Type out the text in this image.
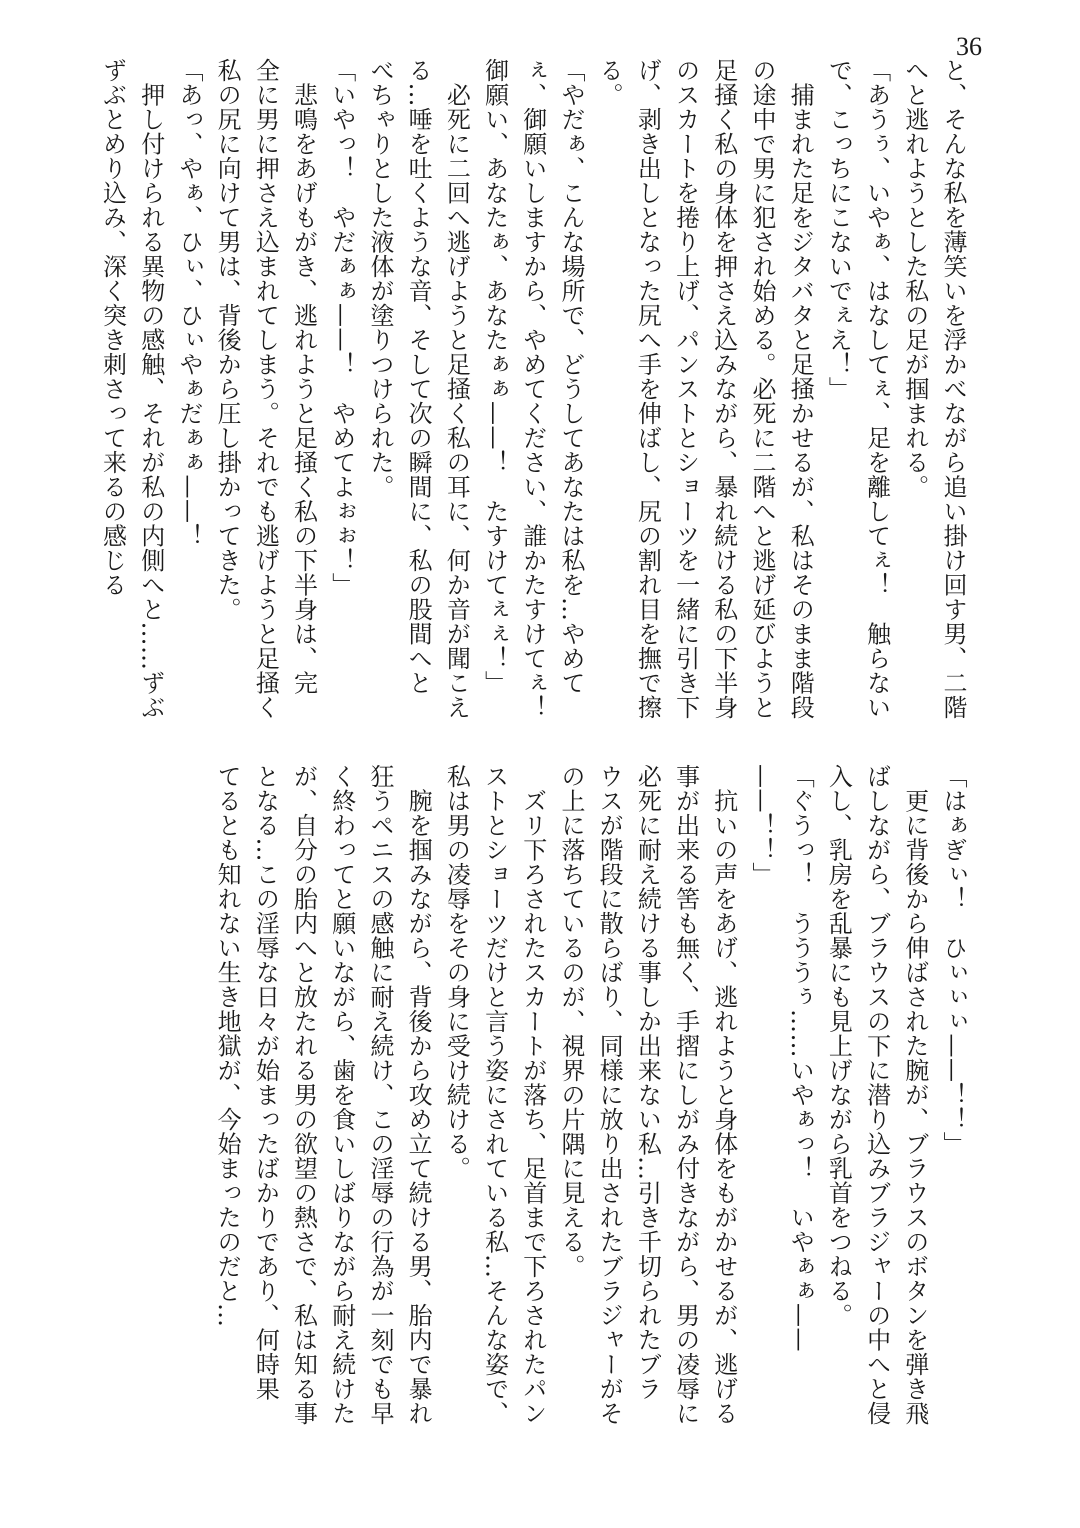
36
と、そんな私を薄笑いを浮かべながら追い掛け回す男、二階
へと逃れようとした私の足が掴まれる。
「あうぅ、いやぁ、はなしてぇ、足を離してぇ！　触らない
で、こっちにこないでぇえ！」
　捕まれた足をジタバタと足掻かせるが、私はそのまま階段
の途中で男に犯され始める。必死に二階へと逃げ延びようと
足掻く私の身体を押さえ込みながら、暴れ続ける私の下半身
のスカートを捲り上げ、パンストとショーツを一緒に引き下
げ、剥き出しとなった尻へ手を伸ばし、尻の割れ目を撫で擦
る。
「やだぁ、こんな場所で、どうしてあなたは私を…やめて
ぇ、御願いしますから、やめてください、誰かたすけてぇ！
御願い、あなたぁ、あなたぁぁ——！　たすけてぇぇ！」
　必死に二回へ逃げようと足掻く私の耳に、何か音が聞こえ
る…唾を吐くような音、そして次の瞬間に、私の股間へと
べちゃりとした液体が塗りつけられた。
「いやっ！　やだぁぁ——！　やめてよぉぉ！」
　悲鳴をあげもがき、逃れようと足掻く私の下半身は、完
全に男に押さえ込まれてしまう。それでも逃げようと足掻く
私の尻に向けて男は、背後から圧し掛かってきた。
「あっ、やぁ、ひぃ、ひぃやぁだぁぁ——！
　押し付けられる異物の感触、それが私の内側へと……ずぶ
ずぶとめり込み、深く突き刺さって来るの感じる
「はぁぎぃ！　ひぃぃぃ——！！」
　更に背後から伸ばされた腕が、ブラウスのボタンを弾き飛
ばしながら、ブラウスの下に潜り込みブラジャーの中へと侵
入し、乳房を乱暴にも見上げながら乳首をつねる。
「ぐうっ！　うううぅ……いやぁっ！　いやぁぁ——
——！！」
　抗いの声をあげ、逃れようと身体をもがかせるが、逃げる
事が出来る筈も無く、手摺にしがみ付きながら、男の凌辱に
必死に耐え続ける事しか出来ない私…引き千切られたブラ
ウスが階段に散らばり、同様に放り出されたブラジャーがそ
の上に落ちているのが、視界の片隅に見える。
　ズリ下ろされたスカートが落ち、足首まで下ろされたパン
ストとショーツだけと言う姿にされている私…そんな姿で、
私は男の凌辱をその身に受け続ける。
　腕を掴みながら、背後から攻め立て続ける男、胎内で暴れ
狂うペニスの感触に耐え続け、この淫辱の行為が一刻でも早
く終わってと願いながら、歯を食いしばりながら耐え続けた
が、自分の胎内へと放たれる男の欲望の熱さで、私は知る事
となる…この淫辱な日々が始まったばかりであり、何時果
てるとも知れない生き地獄が、今始まったのだと…
